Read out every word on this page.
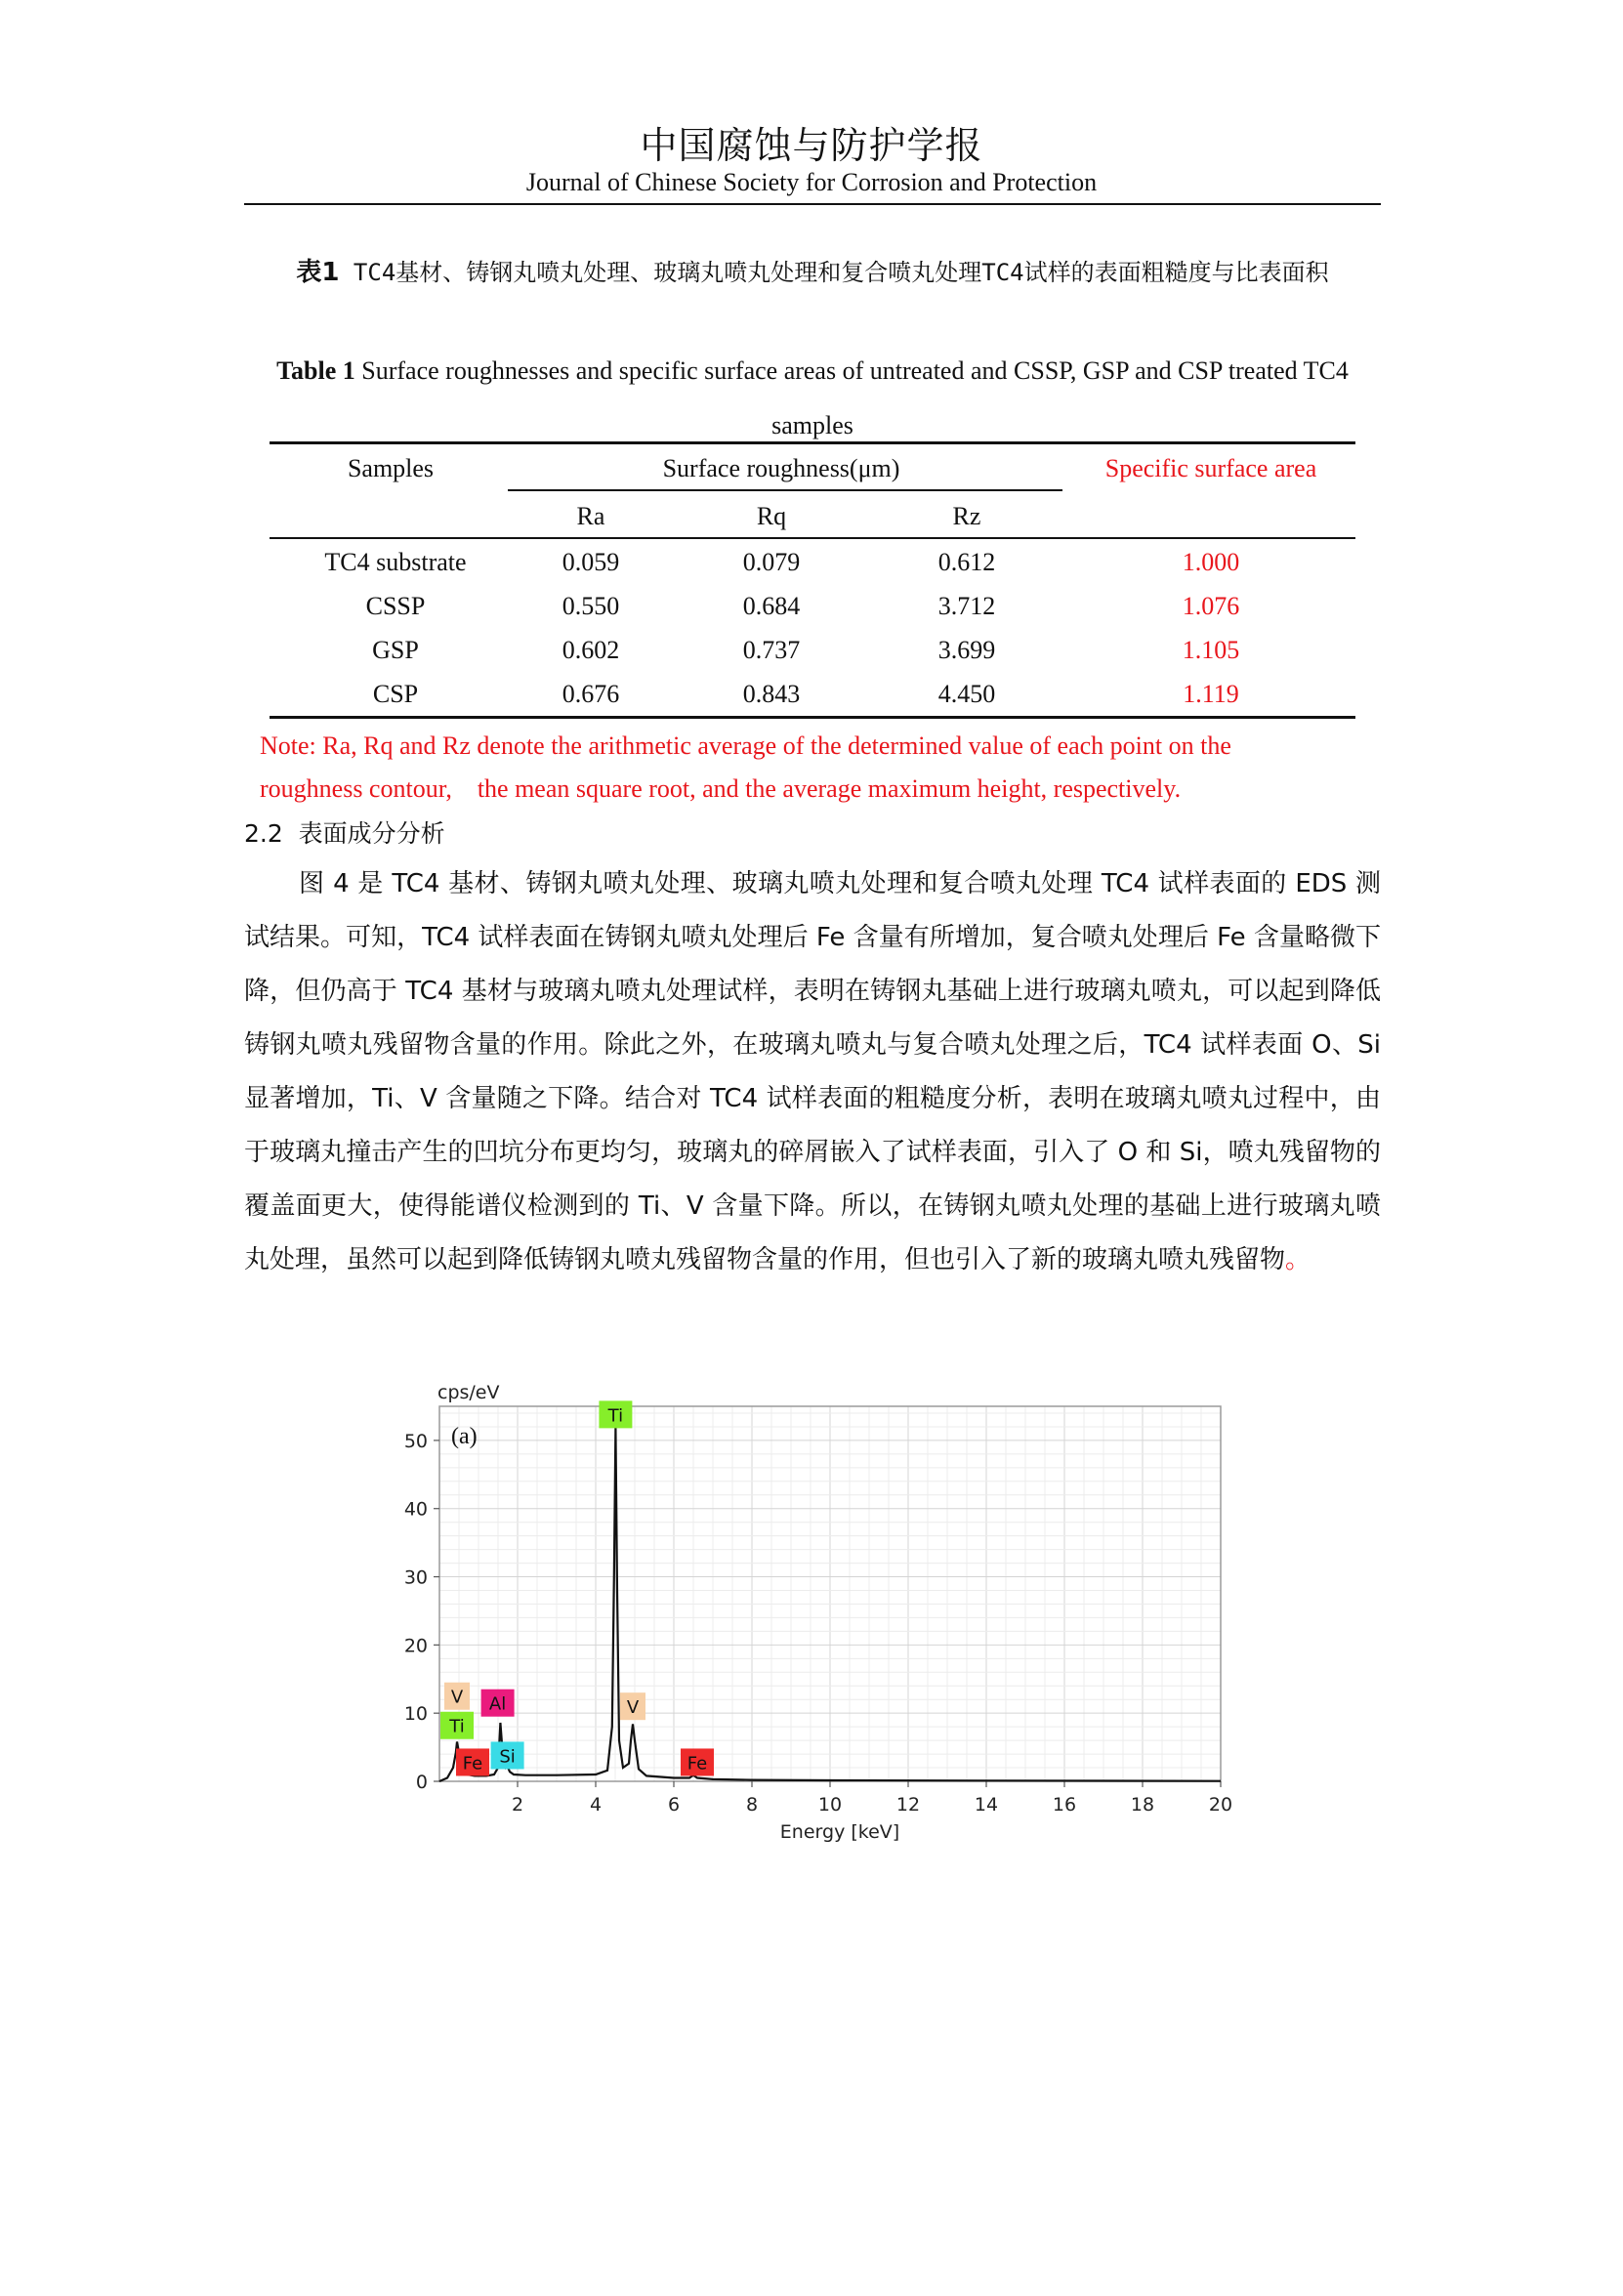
中国腐蚀与防护学报
Journal of Chinese Society for Corrosion and Protection
表1 TC4基材、铸钢丸喷丸处理、玻璃丸喷丸处理和复合喷丸处理TC4试样的表面粗糙度与比表面积
Table 1 Surface roughnesses and specific surface areas of untreated and CSSP, GSP and CSP treated TC4 samples
Samples	Surface roughness(μm)	Specific surface area
Ra	Rq	Rz
TC4 substrate	0.059	0.079	0.612	1.000
CSSP	0.550	0.684	3.712	1.076
GSP	0.602	0.737	3.699	1.105
CSP	0.676	0.843	4.450	1.119
Note: Ra, Rq and Rz denote the arithmetic average of the determined value of each point on the
roughness contour,    the mean square root, and the average maximum height, respectively.
2.2  表面成分分析

图 4 是 TC4 基材、铸钢丸喷丸处理、玻璃丸喷丸处理和复合喷丸处理 TC4 试样表面的 EDS 测试结果。可知，TC4 试样表面在铸钢丸喷丸处理后 Fe 含量有所增加，复合喷丸处理后 Fe 含量略微下降，但仍高于 TC4 基材与玻璃丸喷丸处理试样，表明在铸钢丸基础上进行玻璃丸喷丸，可以起到降低铸钢丸喷丸残留物含量的作用。除此之外，在玻璃丸喷丸与复合喷丸处理之后，TC4 试样表面 O、Si 显著增加，Ti、V 含量随之下降。结合对 TC4 试样表面的粗糙度分析，表明在玻璃丸喷丸过程中，由于玻璃丸撞击产生的凹坑分布更均匀，玻璃丸的碎屑嵌入了试样表面，引入了 O 和 Si，喷丸残留物的覆盖面更大，使得能谱仪检测到的 Ti、V 含量下降。所以，在铸钢丸喷丸处理的基础上进行玻璃丸喷丸处理，虽然可以起到降低铸钢丸喷丸残留物含量的作用，但也引入了新的玻璃丸喷丸残留物。

cps/eV
Energy [keV]
(a)
0
10
20
30
40
50
2	4	6	8	10	12	14	16	18	20
V
Ti
Fe
Al
Si
Ti
V
Fe
